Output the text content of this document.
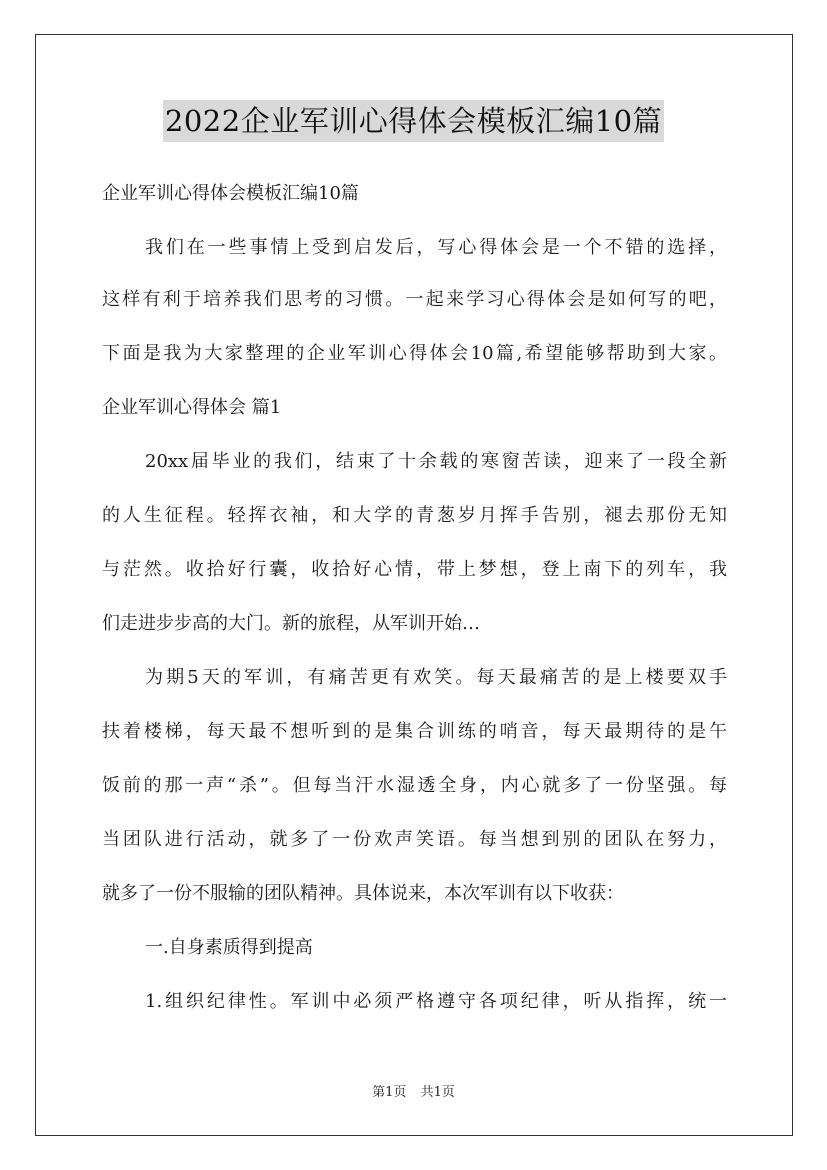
2022企业军训心得体会模板汇编10篇
企业军训心得体会模板汇编10篇
我们在一些事情上受到启发后，写心得体会是一个不错的选择，
这样有利于培养我们思考的习惯。一起来学习心得体会是如何写的吧，
下面是我为大家整理的企业军训心得体会10篇,希望能够帮助到大家。
企业军训心得体会 篇1
20xx届毕业的我们，结束了十余载的寒窗苦读，迎来了一段全新
的人生征程。轻挥衣袖，和大学的青葱岁月挥手告别，褪去那份无知
与茫然。收拾好行囊，收拾好心情，带上梦想，登上南下的列车，我
们走进步步高的大门。新的旅程，从军训开始…
为期5天的军训，有痛苦更有欢笑。每天最痛苦的是上楼要双手
扶着楼梯，每天最不想听到的是集合训练的哨音，每天最期待的是午
饭前的那一声“杀”。但每当汗水湿透全身，内心就多了一份坚强。每
当团队进行活动，就多了一份欢声笑语。每当想到别的团队在努力，
就多了一份不服输的团队精神。具体说来，本次军训有以下收获：
一.自身素质得到提高
1.组织纪律性。军训中必须严格遵守各项纪律，听从指挥，统一
第1页 共1页
